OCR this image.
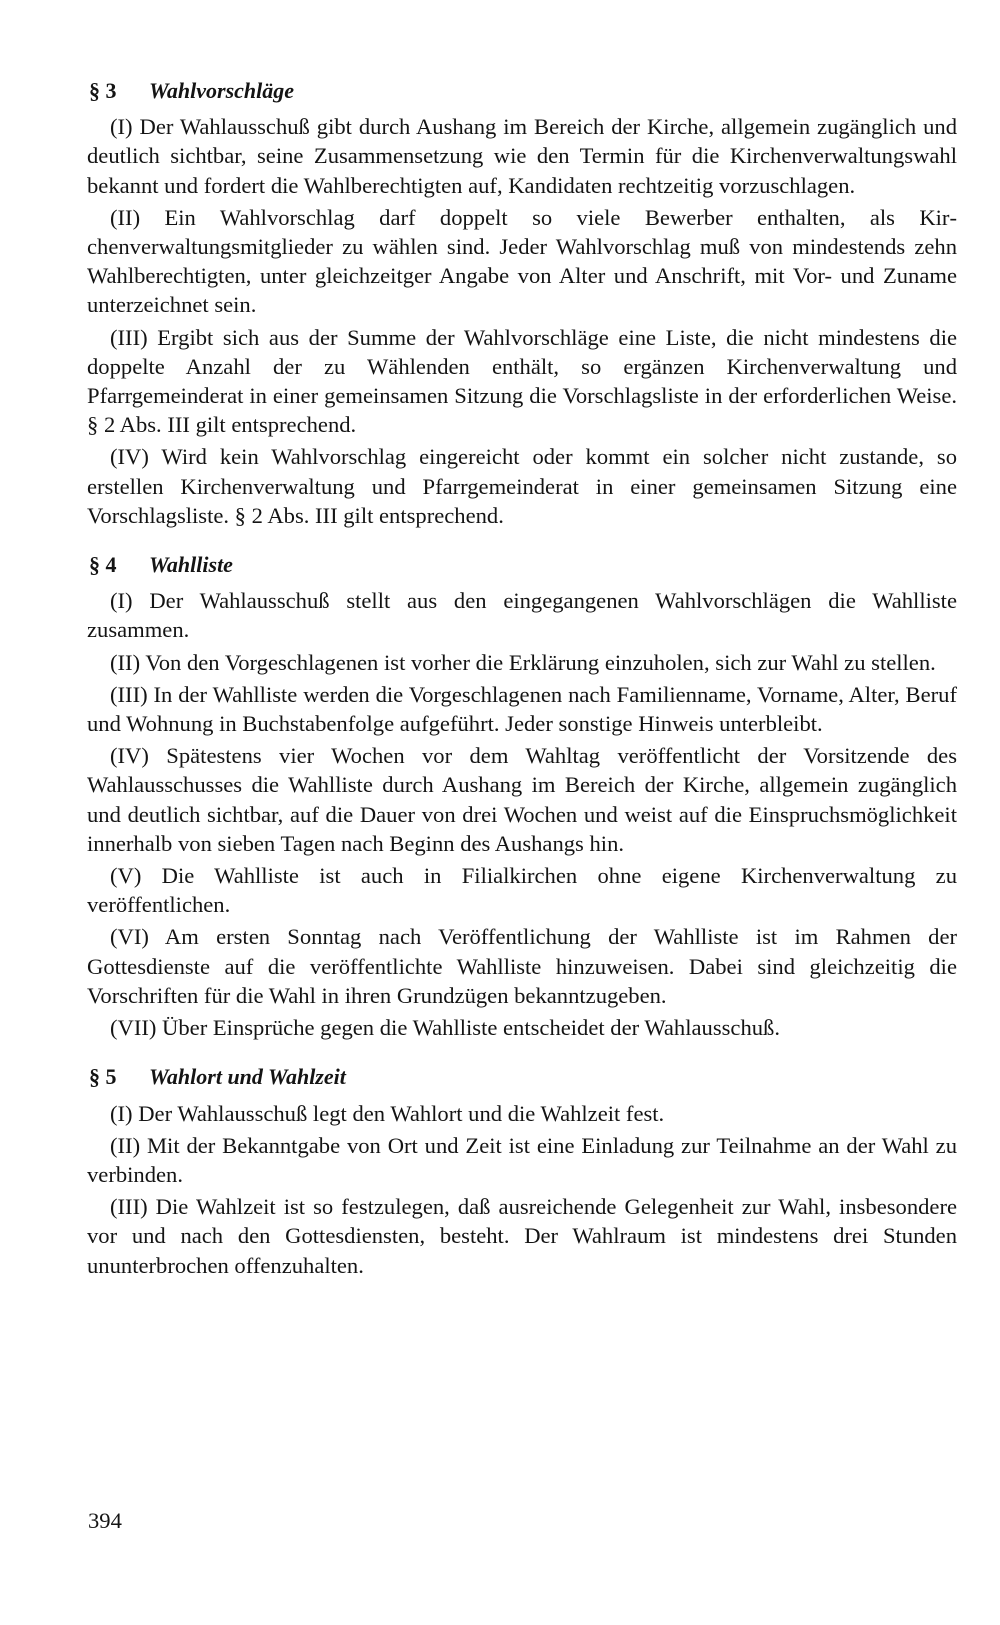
§ 3	Wahlvorschläge

(I) Der Wahlausschuß gibt durch Aushang im Bereich der Kirche, allgemein zugänglich und deutlich sichtbar, seine Zusammensetzung wie den Termin für die Kirchenverwaltungswahl bekannt und fordert die Wahlberechtigten auf, Kandidaten rechtzeitig vorzuschlagen.

(II) Ein Wahlvorschlag darf doppelt so viele Bewerber enthalten, als Kirchenverwaltungsmitglieder zu wählen sind. Jeder Wahlvorschlag muß von mindestends zehn Wahlberechtigten, unter gleichzeitger Angabe von Alter und Anschrift, mit Vor- und Zuname unterzeichnet sein.

(III) Ergibt sich aus der Summe der Wahlvorschläge eine Liste, die nicht mindestens die doppelte Anzahl der zu Wählenden enthält, so ergänzen Kirchenverwaltung und Pfarrgemeinderat in einer gemeinsamen Sitzung die Vorschlagsliste in der erforderlichen Weise. § 2 Abs. III gilt entsprechend.

(IV) Wird kein Wahlvorschlag eingereicht oder kommt ein solcher nicht zustande, so erstellen Kirchenverwaltung und Pfarrgemeinderat in einer gemeinsamen Sitzung eine Vorschlagsliste. § 2 Abs. III gilt entsprechend.

§ 4	Wahlliste

(I) Der Wahlausschuß stellt aus den eingegangenen Wahlvorschlägen die Wahlliste zusammen.

(II) Von den Vorgeschlagenen ist vorher die Erklärung einzuholen, sich zur Wahl zu stellen.

(III) In der Wahlliste werden die Vorgeschlagenen nach Familienname, Vorname, Alter, Beruf und Wohnung in Buchstabenfolge aufgeführt. Jeder sonstige Hinweis unterbleibt.

(IV) Spätestens vier Wochen vor dem Wahltag veröffentlicht der Vorsitzende des Wahlausschusses die Wahlliste durch Aushang im Bereich der Kirche, allgemein zugänglich und deutlich sichtbar, auf die Dauer von drei Wochen und weist auf die Einspruchsmöglichkeit innerhalb von sieben Tagen nach Beginn des Aushangs hin.

(V) Die Wahlliste ist auch in Filialkirchen ohne eigene Kirchenverwaltung zu veröffentlichen.

(VI) Am ersten Sonntag nach Veröffentlichung der Wahlliste ist im Rahmen der Gottesdienste auf die veröffentlichte Wahlliste hinzuweisen. Dabei sind gleichzeitig die Vorschriften für die Wahl in ihren Grundzügen bekanntzugeben.

(VII) Über Einsprüche gegen die Wahlliste entscheidet der Wahlausschuß.

§ 5	Wahlort und Wahlzeit

(I) Der Wahlausschuß legt den Wahlort und die Wahlzeit fest.

(II) Mit der Bekanntgabe von Ort und Zeit ist eine Einladung zur Teilnahme an der Wahl zu verbinden.

(III) Die Wahlzeit ist so festzulegen, daß ausreichende Gelegenheit zur Wahl, insbesondere vor und nach den Gottesdiensten, besteht. Der Wahlraum ist mindestens drei Stunden ununterbrochen offenzuhalten.

394
